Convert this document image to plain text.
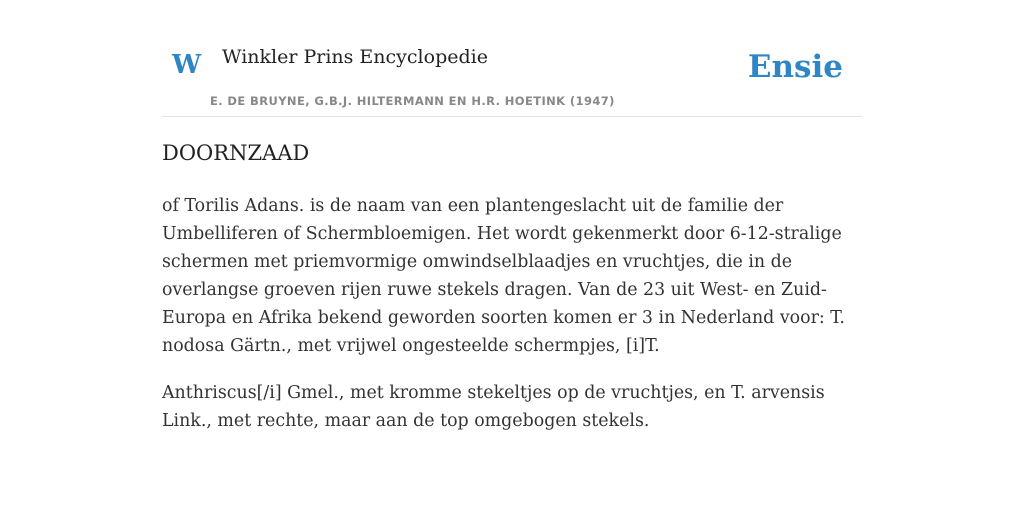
W Winkler Prins Encyclopedie	Ensie
E. DE BRUYNE, G.B.J. HILTERMANN EN H.R. HOETINK (1947)
DOORNZAAD

of Torilis Adans. is de naam van een plantengeslacht uit de familie der Umbelliferen of Schermbloemigen. Het wordt gekenmerkt door 6-12-stralige schermen met priemvormige omwindselblaadjes en vruchtjes, die in de overlangse groeven rijen ruwe stekels dragen. Van de 23 uit West- en Zuid-Europa en Afrika bekend geworden soorten komen er 3 in Nederland voor: T. nodosa Gärtn., met vrijwel ongesteelde schermpjes, [i]T.

Anthriscus[/i] Gmel., met kromme stekeltjes op de vruchtjes, en T. arvensis Link., met rechte, maar aan de top omgebogen stekels.
